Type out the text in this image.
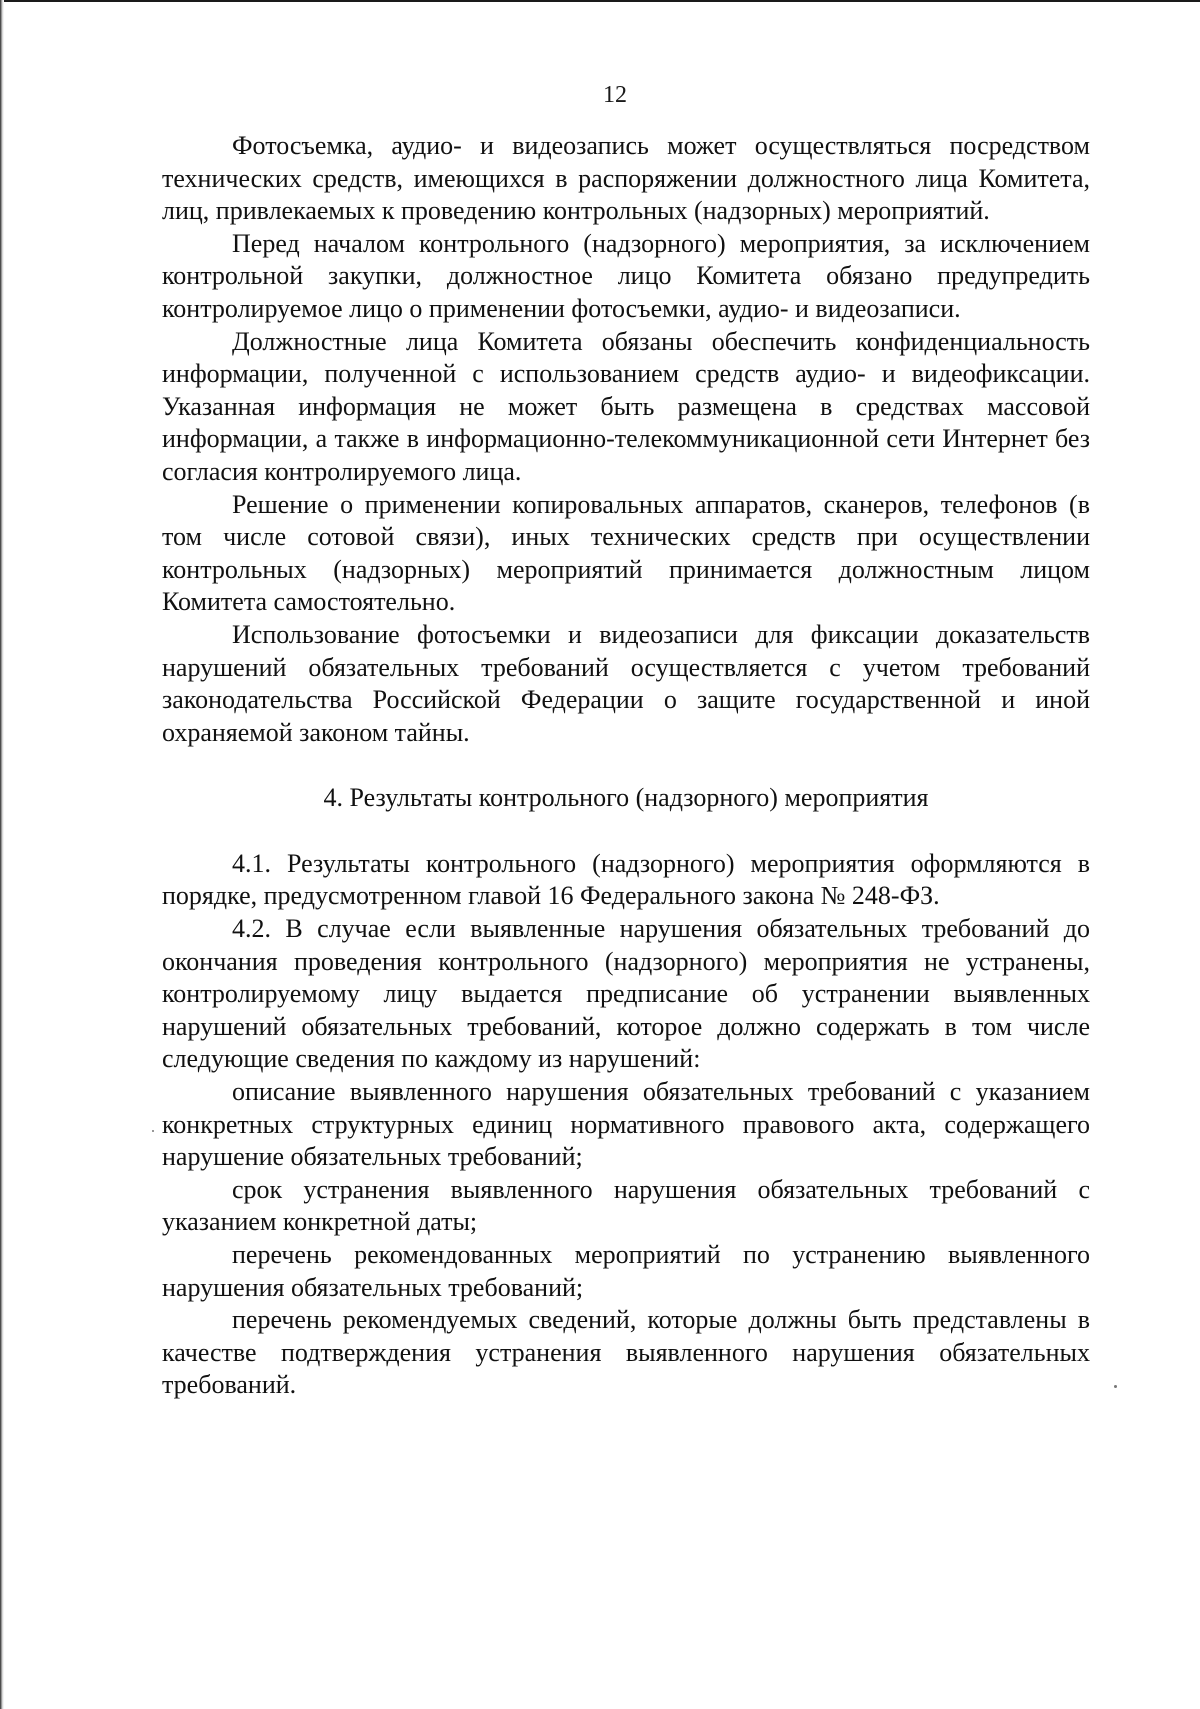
12

Фотосъемка, аудио- и видеозапись может осуществляться посредством технических средств, имеющихся в распоряжении должностного лица Комитета, лиц, привлекаемых к проведению контрольных (надзорных) мероприятий.

Перед началом контрольного (надзорного) мероприятия, за исключением контрольной закупки, должностное лицо Комитета обязано предупредить контролируемое лицо о применении фотосъемки, аудио- и видеозаписи.

Должностные лица Комитета обязаны обеспечить конфиденциальность информации, полученной с использованием средств аудио- и видеофиксации. Указанная информация не может быть размещена в средствах массовой информации, а также в информационно-телекоммуникационной сети Интернет без согласия контролируемого лица.

Решение о применении копировальных аппаратов, сканеров, телефонов (в том числе сотовой связи), иных технических средств при осуществлении контрольных (надзорных) мероприятий принимается должностным лицом Комитета самостоятельно.

Использование фотосъемки и видеозаписи для фиксации доказательств нарушений обязательных требований осуществляется с учетом требований законодательства Российской Федерации о защите государственной и иной охраняемой законом тайны.

4. Результаты контрольного (надзорного) мероприятия

4.1. Результаты контрольного (надзорного) мероприятия оформляются в порядке, предусмотренном главой 16 Федерального закона № 248-ФЗ.

4.2. В случае если выявленные нарушения обязательных требований до окончания проведения контрольного (надзорного) мероприятия не устранены, контролируемому лицу выдается предписание об устранении выявленных нарушений обязательных требований, которое должно содержать в том числе следующие сведения по каждому из нарушений:

описание выявленного нарушения обязательных требований с указанием конкретных структурных единиц нормативного правового акта, содержащего нарушение обязательных требований;

срок устранения выявленного нарушения обязательных требований с указанием конкретной даты;

перечень рекомендованных мероприятий по устранению выявленного нарушения обязательных требований;

перечень рекомендуемых сведений, которые должны быть представлены в качестве подтверждения устранения выявленного нарушения обязательных требований.
